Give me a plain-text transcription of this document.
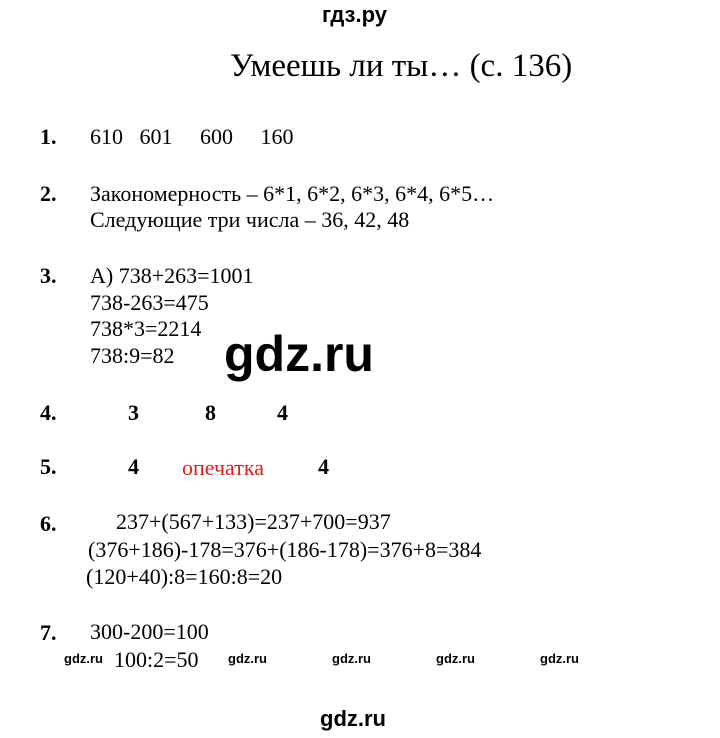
гдз.ру
Умеешь ли ты… (с. 136)
1. 610   601     600     160
2. Закономерность – 6*1, 6*2, 6*3, 6*4, 6*5…
Следующие три числа – 36, 42, 48
3. А) 738+263=1001
738-263=475
738*3=2214
738:9=82 gdz.ru
4.	3	8	4
5.	4 опечатка 4
6.	237+(567+133)=237+700=937
(376+186)-178=376+(186-178)=376+8=384
(120+40):8=160:8=20
7. 300-200=100
100:2=50
gdz.ru	gdz.ru	gdz.ru	gdz.ru	gdz.ru
gdz.ru
